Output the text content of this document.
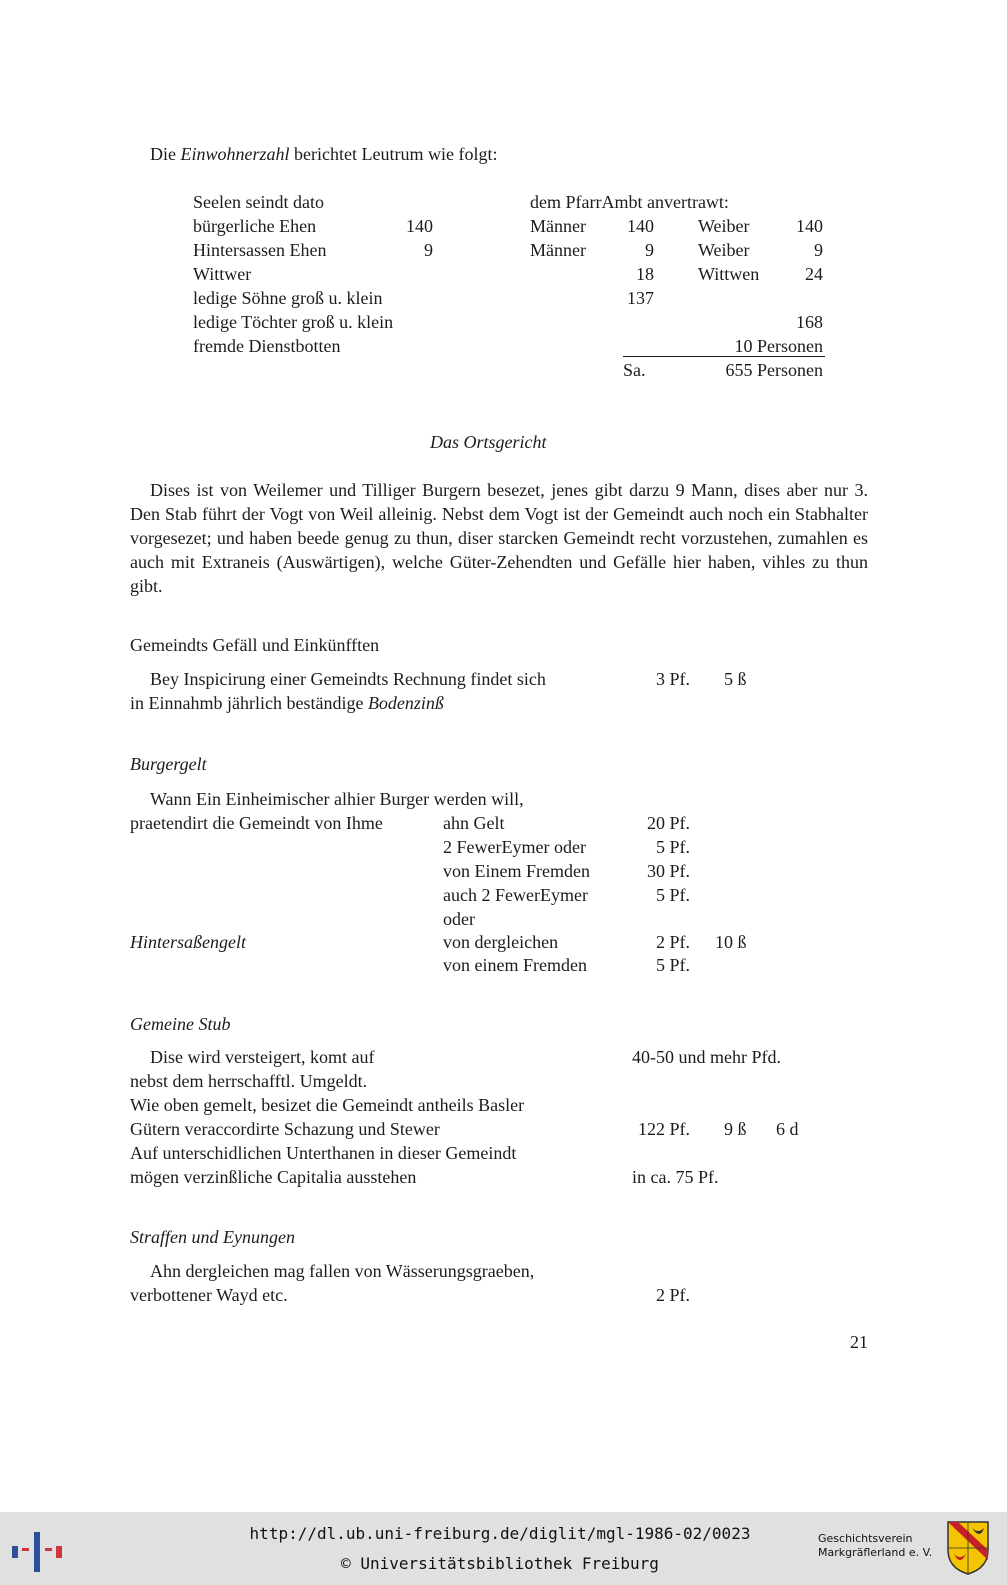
Die Einwohnerzahl berichtet Leutrum wie folgt:
Seelen seindt dato	dem PfarrAmbt anvertrawt:
bürgerliche Ehen	140	Männer	140 Weiber	140
Hintersassen Ehen	9	Männer	9 Weiber	9
Wittwer	18 Wittwen	24
ledige Söhne groß u. klein	137
ledige Töchter groß u. klein	168
fremde Dienstbotten	10 Personen
Sa.	655 Personen
Das Ortsgericht

Dises ist von Weilemer und Tilliger Burgern besezet, jenes gibt darzu 9 Mann, dises aber nur 3. Den Stab führt der Vogt von Weil alleinig. Nebst dem Vogt ist der Gemeindt auch noch ein Stabhalter vorgesezet; und haben beede genug zu thun, diser starcken Gemeindt recht vorzustehen, zumahlen es auch mit Extraneis (Auswärtigen), welche Güter-Zehendten und Gefälle hier haben, vihles zu thun gibt.

Gemeindts Gefäll und Einkünfften
Bey Inspicirung einer Gemeindts Rechnung findet sich	3 Pf. 5 ß
in Einnahmb jährlich beständige Bodenzinß
Burgergelt
Wann Ein Einheimischer alhier Burger werden will,
praetendirt die Gemeindt von Ihme	ahn Gelt	20 Pf.
2 FewerEymer oder	5 Pf.
von Einem Fremden	30 Pf.
auch 2 FewerEymer	5 Pf.
oder
Hintersaßengelt	von dergleichen	2 Pf. 10 ß
von einem Fremden	5 Pf.
Gemeine Stub
Dise wird versteigert, komt auf	40-50 und mehr Pfd.
nebst dem herrschafftl. Umgeldt.
Wie oben gemelt, besizet die Gemeindt antheils Basler
Gütern veraccordirte Schazung und Stewer	122 Pf. 9 ß 6 d
Auf unterschidlichen Unterthanen in dieser Gemeindt
mögen verzinßliche Capitalia ausstehen	in ca. 75 Pf.
Straffen und Eynungen
Ahn dergleichen mag fallen von Wässerungsgraeben,
verbottener Wayd etc.	2 Pf.
21
http://dl.ub.uni-freiburg.de/diglit/mgl-1986-02/0023
© Universitätsbibliothek Freiburg
Geschichtsverein
Markgräflerland e. V.
